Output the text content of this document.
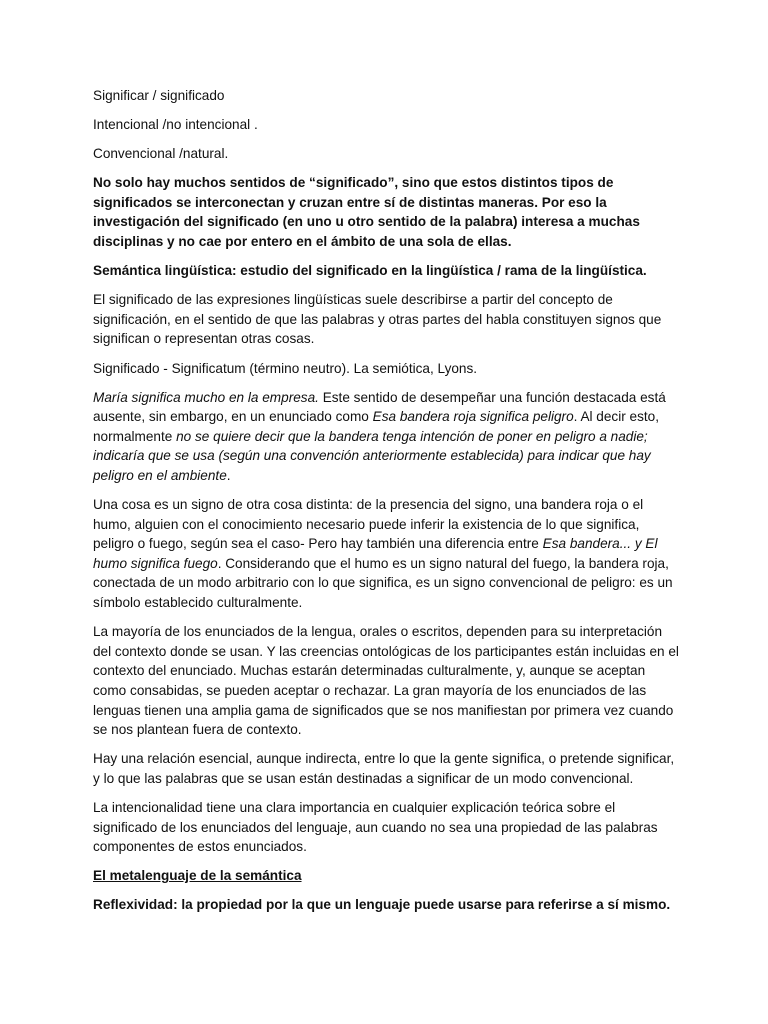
Significar / significado

Intencional /no intencional .

Convencional /natural.

No solo hay muchos sentidos de “significado”, sino que estos distintos tipos de significados se interconectan y cruzan entre sí de distintas maneras. Por eso la investigación del significado (en uno u otro sentido de la palabra) interesa a muchas disciplinas y no cae por entero en el ámbito de una sola de ellas.

Semántica lingüística: estudio del significado en la lingüística / rama de la lingüística.

El significado de las expresiones lingüísticas suele describirse a partir del concepto de significación, en el sentido de que las palabras y otras partes del habla constituyen signos que significan o representan otras cosas.

Significado - Significatum (término neutro). La semiótica, Lyons.

María significa mucho en la empresa. Este sentido de desempeñar una función destacada está ausente, sin embargo, en un enunciado como Esa bandera roja significa peligro. Al decir esto, normalmente no se quiere decir que la bandera tenga intención de poner en peligro a nadie; indicaría que se usa (según una convención anteriormente establecida) para indicar que hay peligro en el ambiente.

Una cosa es un signo de otra cosa distinta: de la presencia del signo, una bandera roja o el humo, alguien con el conocimiento necesario puede inferir la existencia de lo que significa, peligro o fuego, según sea el caso- Pero hay también una diferencia entre Esa bandera... y El humo significa fuego. Considerando que el humo es un signo natural del fuego, la bandera roja, conectada de un modo arbitrario con lo que significa, es un signo convencional de peligro: es un símbolo establecido culturalmente.

La mayoría de los enunciados de la lengua, orales o escritos, dependen para su interpretación del contexto donde se usan. Y las creencias ontológicas de los participantes están incluidas en el contexto del enunciado. Muchas estarán determinadas culturalmente, y, aunque se aceptan como consabidas, se pueden aceptar o rechazar. La gran mayoría de los enunciados de las lenguas tienen una amplia gama de significados que se nos manifiestan por primera vez cuando se nos plantean fuera de contexto.

Hay una relación esencial, aunque indirecta, entre lo que la gente significa, o pretende significar, y lo que las palabras que se usan están destinadas a significar de un modo convencional.

La intencionalidad tiene una clara importancia en cualquier explicación teórica sobre el significado de los enunciados del lenguaje, aun cuando no sea una propiedad de las palabras componentes de estos enunciados.

El metalenguaje de la semántica

Reflexividad: la propiedad por la que un lenguaje puede usarse para referirse a sí mismo.
